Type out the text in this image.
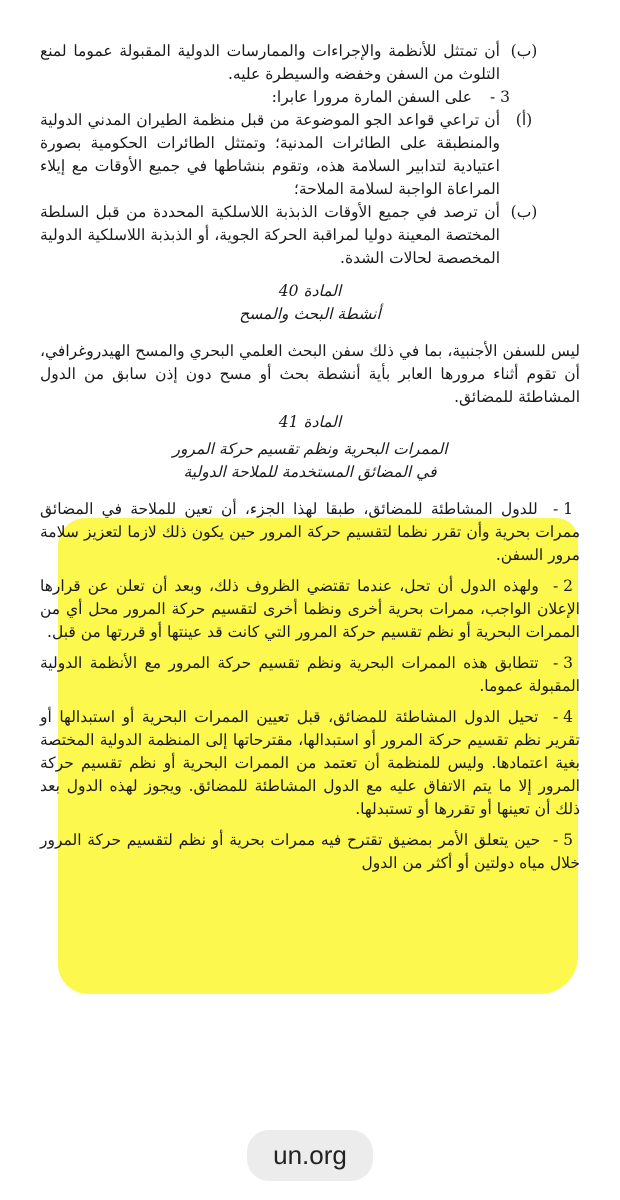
(ب)
أن تمتثل للأنظمة والإجراءات والممارسات الدولية المقبولة عموما لمنع التلوث من السفن وخفضه والسيطرة عليه.
3 -
على السفن المارة مرورا عابرا:
(أ)
أن تراعي قواعد الجو الموضوعة من قبل منظمة الطيران المدني الدولية والمنطبقة على الطائرات المدنية؛ وتمتثل الطائرات الحكومية بصورة اعتيادية لتدابير السلامة هذه، وتقوم بنشاطها في جميع الأوقات مع إيلاء المراعاة الواجبة لسلامة الملاحة؛
(ب)
أن ترصد في جميع الأوقات الذبذبة اللاسلكية المحددة من قبل السلطة المختصة المعينة دوليا لمراقبة الحركة الجوية، أو الذبذبة اللاسلكية الدولية المخصصة لحالات الشدة.
المادة 40
أنشطة البحث والمسح
ليس للسفن الأجنبية، بما في ذلك سفن البحث العلمي البحري والمسح الهيدروغرافي، أن تقوم أثناء مرورها العابر بأية أنشطة بحث أو مسح دون إذن سابق من الدول المشاطئة للمضائق.
المادة 41
الممرات البحرية ونظم تقسيم حركة المرور
في المضائق المستخدمة للملاحة الدولية
1 - للدول المشاطئة للمضائق، طبقا لهذا الجزء، أن تعين للملاحة في المضائق ممرات بحرية وأن تقرر نظما لتقسيم حركة المرور حين يكون ذلك لازما لتعزيز سلامة مرور السفن.
2 - ولهذه الدول أن تحل، عندما تقتضي الظروف ذلك، وبعد أن تعلن عن قرارها الإعلان الواجب، ممرات بحرية أخرى ونظما أخرى لتقسيم حركة المرور محل أي من الممرات البحرية أو نظم تقسيم حركة المرور التي كانت قد عينتها أو قررتها من قبل.
3 - تتطابق هذه الممرات البحرية ونظم تقسيم حركة المرور مع الأنظمة الدولية المقبولة عموما.
4 - تحيل الدول المشاطئة للمضائق، قبل تعيين الممرات البحرية أو استبدالها أو تقرير نظم تقسيم حركة المرور أو استبدالها، مقترحاتها إلى المنظمة الدولية المختصة بغية اعتمادها. وليس للمنظمة أن تعتمد من الممرات البحرية أو نظم تقسيم حركة المرور إلا ما يتم الاتفاق عليه مع الدول المشاطئة للمضائق. ويجوز لهذه الدول بعد ذلك أن تعينها أو تقررها أو تستبدلها.
5 - حين يتعلق الأمر بمضيق تقترح فيه ممرات بحرية أو نظم لتقسيم حركة المرور خلال مياه دولتين أو أكثر من الدول
un.org
